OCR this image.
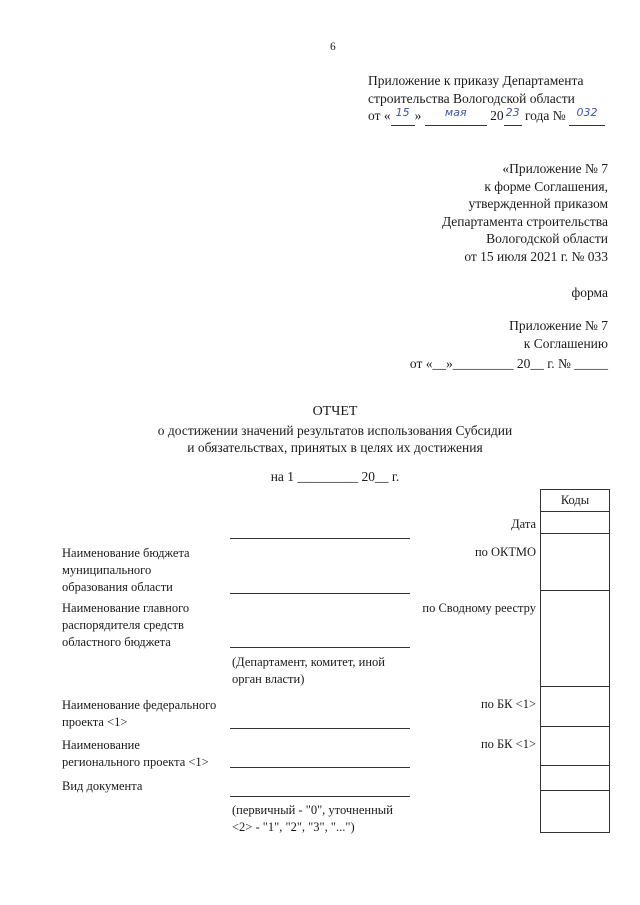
6
Приложение к приказу Департамента
строительства Вологодской области
от « 15 »	мая	20 23 года № 032

«Приложение № 7
к форме Соглашения,
утвержденной приказом
Департамента строительства
Вологодской области
от 15 июля 2021 г. № 033
форма
Приложение № 7
к Соглашению
от «__»_________ 20__ г. № _____
ОТЧЕТ
о достижении значений результатов использования Субсидии
и обязательствах, принятых в целях их достижения
на 1 _________ 20__ г.
Коды
Дата
по ОКТМО
по Сводному реестру
по БК <1>
по БК <1>
Наименование бюджета
муниципального
образования области
Наименование главного
распорядителя средств
областного бюджета
Наименование федерального
проекта <1>
Наименование
регионального проекта <1>
Вид документа
(Департамент, комитет, иной
орган власти)
(первичный - "0", уточненный
<2> - "1", "2", "3", "...")
